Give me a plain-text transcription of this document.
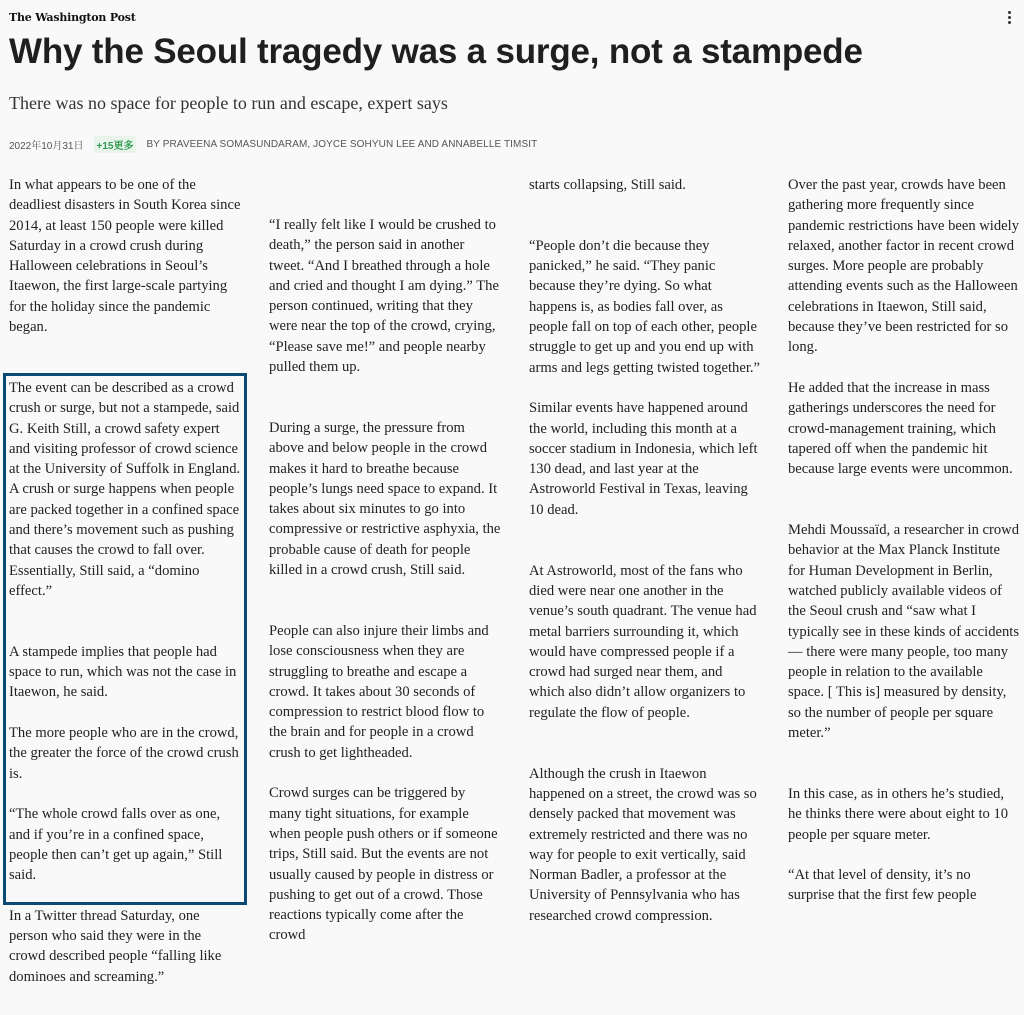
The Washington Post
Why the Seoul tragedy was a surge, not a stampede

There was no space for people to run and escape, expert says

2022年10月31日	+15更多	BY PRAVEENA SOMASUNDARAM, JOYCE SOHYUN LEE AND ANNABELLE TIMSIT

In what appears to be one of the deadliest disasters in South Korea since 2014, at least 150 people were killed Saturday in a crowd crush during Halloween celebrations in Seoul’s Itaewon, the first large-scale partying for the holiday since the pandemic began.

The event can be described as a crowd crush or surge, but not a stampede, said G. Keith Still, a crowd safety expert and visiting professor of crowd science at the University of Suffolk in England. A crush or surge happens when people are packed together in a confined space and there’s movement such as pushing that causes the crowd to fall over. Essentially, Still said, a “domino effect.”

A stampede implies that people had space to run, which was not the case in Itaewon, he said.

The more people who are in the crowd, the greater the force of the crowd crush is.

“The whole crowd falls over as one, and if you’re in a confined space, people then can’t get up again,” Still said.

In a Twitter thread Saturday, one person who said they were in the crowd described people “falling like dominoes and screaming.”

“I really felt like I would be crushed to death,” the person said in another tweet. “And I breathed through a hole and cried and thought I am dying.” The person continued, writing that they were near the top of the crowd, crying, “Please save me!” and people nearby pulled them up.

During a surge, the pressure from above and below people in the crowd makes it hard to breathe because people’s lungs need space to expand. It takes about six minutes to go into compressive or restrictive asphyxia, the probable cause of death for people killed in a crowd crush, Still said.

People can also injure their limbs and lose consciousness when they are struggling to breathe and escape a crowd. It takes about 30 seconds of compression to restrict blood flow to the brain and for people in a crowd crush to get lightheaded.

Crowd surges can be triggered by many tight situations, for example when people push others or if someone trips, Still said. But the events are not usually caused by people in distress or pushing to get out of a crowd. Those reactions typically come after the crowd

starts collapsing, Still said.

“People don’t die because they panicked,” he said. “They panic because they’re dying. So what happens is, as bodies fall over, as people fall on top of each other, people struggle to get up and you end up with arms and legs getting twisted together.”

Similar events have happened around the world, including this month at a soccer stadium in Indonesia, which left 130 dead, and last year at the Astroworld Festival in Texas, leaving 10 dead.

At Astroworld, most of the fans who died were near one another in the venue’s south quadrant. The venue had metal barriers surrounding it, which would have compressed people if a crowd had surged near them, and which also didn’t allow organizers to regulate the flow of people.

Although the crush in Itaewon happened on a street, the crowd was so densely packed that movement was extremely restricted and there was no way for people to exit vertically, said Norman Badler, a professor at the University of Pennsylvania who has researched crowd compression.

Over the past year, crowds have been gathering more frequently since pandemic restrictions have been widely relaxed, another factor in recent crowd surges. More people are probably attending events such as the Halloween celebrations in Itaewon, Still said, because they’ve been restricted for so long.

He added that the increase in mass gatherings underscores the need for crowd-management training, which tapered off when the pandemic hit because large events were uncommon.

Mehdi Moussaïd, a researcher in crowd behavior at the Max Planck Institute for Human Development in Berlin, watched publicly available videos of the Seoul crush and “saw what I typically see in these kinds of accidents — there were many people, too many people in relation to the available space. [ This is] measured by density, so the number of people per square meter.”

In this case, as in others he’s studied, he thinks there were about eight to 10 people per square meter.

“At that level of density, it’s no surprise that the first few people
